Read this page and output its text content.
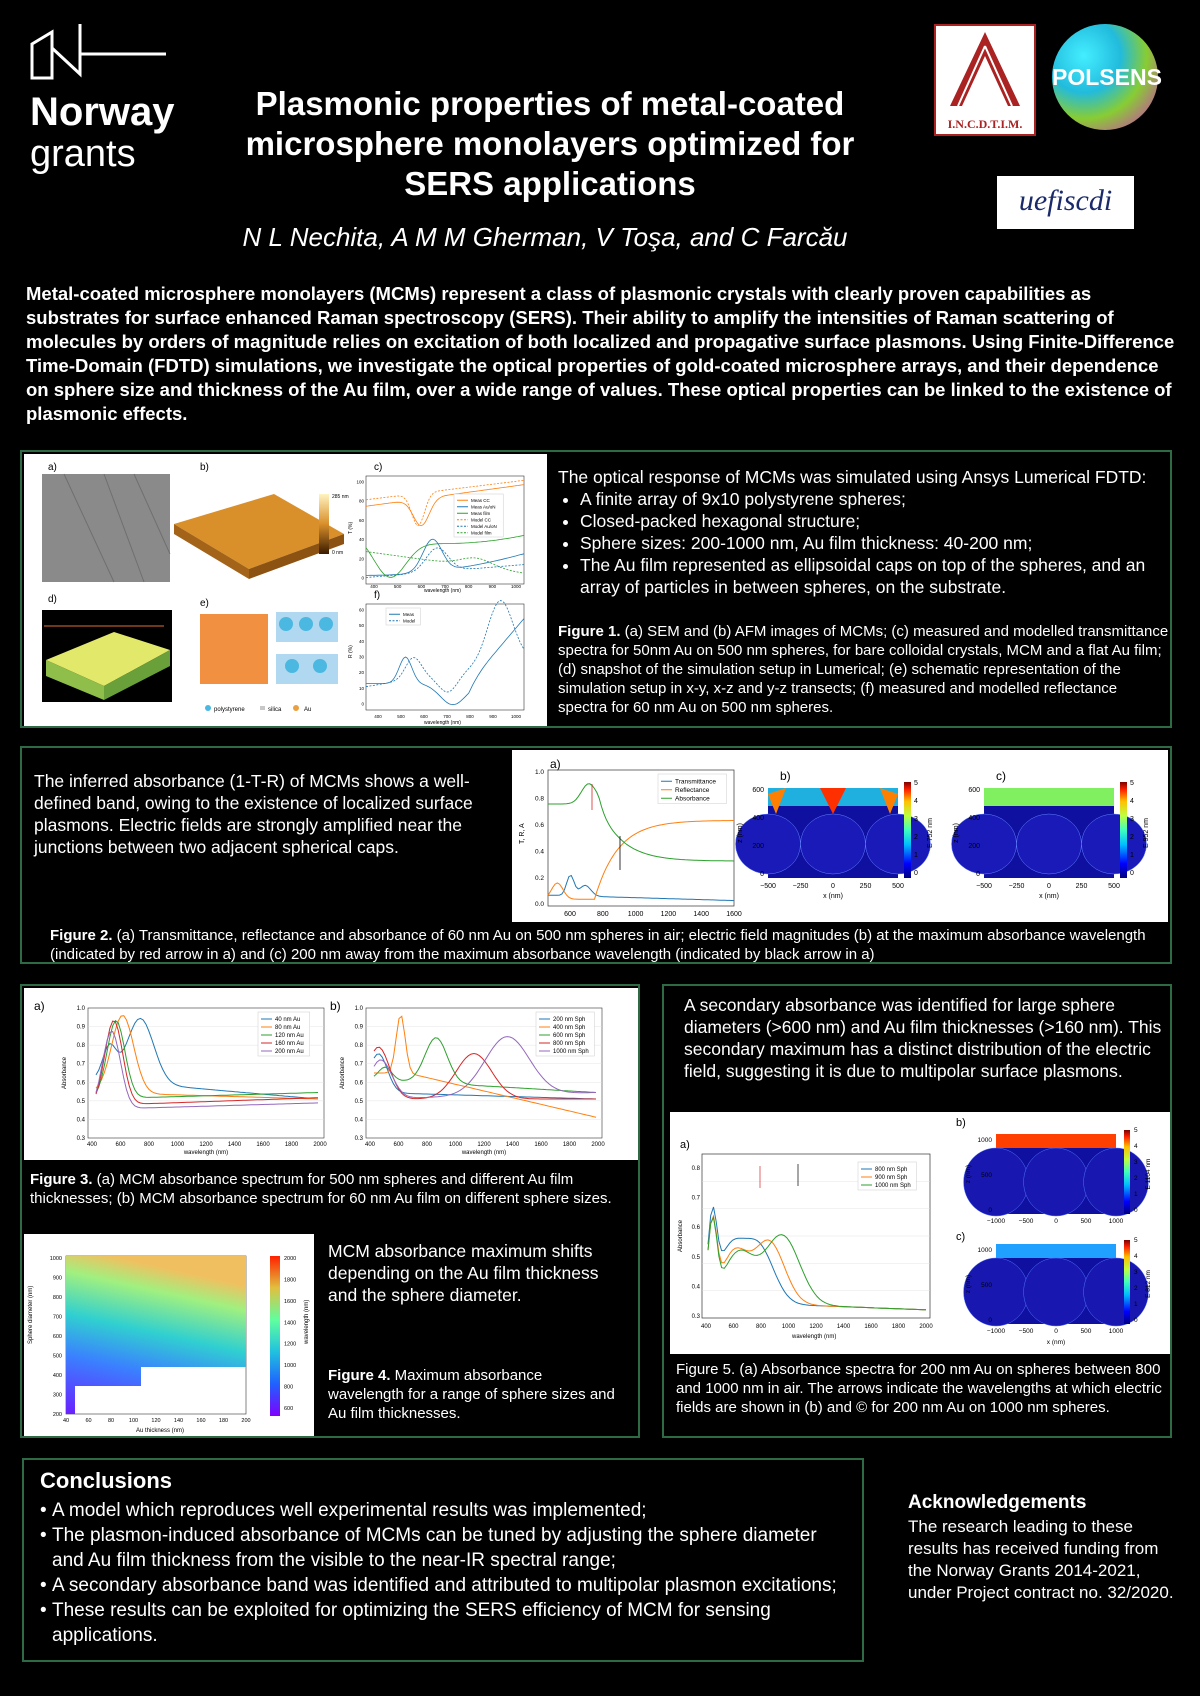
Norway
grants
Plasmonic properties of metal-coated microsphere monolayers optimized for SERS applications
N L Nechita, A M M Gherman, V Toşa, and C Farcău
I.N.C.D.T.I.M.
POLSENS
uefiscdi
Metal-coated microsphere monolayers (MCMs) represent a class of plasmonic crystals with clearly proven capabilities as substrates for surface enhanced Raman spectroscopy (SERS). Their ability to amplify the intensities of Raman scattering of molecules by orders of magnitude relies on excitation of both localized and propagative surface plasmons. Using Finite-Difference Time-Domain (FDTD) simulations, we investigate the optical properties of gold-coated microsphere arrays, and their dependence on sphere size and thickness of the Au film, over a wide range of values. These optical properties can be linked to the existence of plasmonic effects.
a)	b)	c)
d)	e)
f)
285 nm
0 nm
polystyrene	silica	Au
T (%)
wavelength (nm)
400	500	600	700	800	900	1000
100
80
60
40
20
0
Meas CC
Meas Au/oN
Meas film
Model CC
Model Au/oN
Model film
R (%)
wavelength (nm)
400	500	600	700	800	900	1000
60
50
40
30
20
10
0
Meas
Model
The optical response of MCMs was simulated using Ansys Lumerical FDTD:
• A finite array of 9x10 polystyrene spheres;
• Closed-packed hexagonal structure;
• Sphere sizes: 200-1000 nm, Au film thickness: 40-200 nm;
• The Au film represented as ellipsoidal caps on top of the spheres, and an array of particles in between spheres, on the substrate.
Figure 1. (a) SEM and (b) AFM images of MCMs; (c) measured and modelled transmittance spectra for 50nm Au on 500 nm spheres, for bare colloidal crystals, MCM and a flat Au film; (d) snapshot of the simulation setup in Lumerical; (e) schematic representation of the simulation setup in x-y, x-z and y-z transects; (f) measured and modelled reflectance spectra for 60 nm Au on 500 nm spheres.
The inferred absorbance (1-T-R) of MCMs shows a well-defined band, owing to the existence of localized surface plasmons. Electric fields are strongly amplified near the junctions between two adjacent spherical caps.
a)
b)	c)
T, R, A
600	800	1000 1200 1400 1600
1.0
0.8
0.6
0.4
0.2
0.0
Transmittance
Reflectance
Absorbance
600
400
200
0
−500 −250	0	250	500
z (nm)
x (nm)
5
4
3
2
1
0
E 752 nm
600
400
200
0
−500 −250	0	250	500
z (nm)
x (nm)
5
4
3
2
1
0
E 952 nm
Figure 2. (a) Transmittance, reflectance and absorbance of 60 nm Au on 500 nm spheres in air; electric field magnitudes (b) at the maximum absorbance wavelength (indicated by red arrow in a) and (c) 200 nm away from the maximum absorbance wavelength (indicated by black arrow in a)
a)	b)
1.0
0.9
0.8
0.7
0.6
0.5
0.4
0.3
400	600	800	1000	1200	1400	1600	1800	2000
Absorbance
wavelength (nm)
40 nm Au
80 nm Au
120 nm Au
160 nm Au
200 nm Au
1.0
0.9
0.8
0.7
0.6
0.5
0.4
0.3
400	600	800	1000	1200	1400	1600	1800	2000
Absorbance
wavelength (nm)
200 nm Sph
400 nm Sph
600 nm Sph
800 nm Sph
1000 nm Sph
Figure 3. (a) MCM absorbance spectrum for 500 nm spheres and different Au film thicknesses; (b) MCM absorbance spectrum for 60 nm Au film on different sphere sizes.
Sphere diameter (nm)
Au thickness (nm)
wavelength (nm)
1000
900
800
700
600
500
400
300
200
40	60	80	100 120 140 160 180 200
2000
1800
1600
1400
1200
1000
800
600
MCM absorbance maximum shifts depending on the Au film thickness and the sphere diameter.
Figure 4. Maximum absorbance wavelength for a range of sphere sizes and Au film thicknesses.
A secondary absorbance was identified for large sphere diameters (>600 nm) and Au film thicknesses (>160 nm). This secondary maximum has a distinct distribution of the electric field, suggesting it is due to multipolar surface plasmons.
a)
b)
c)
Absorbance
wavelength (nm)
0.8
0.7
0.6
0.5
0.4
0.3
400	600	800	1000 1200 1400 1600 1800 2000
800 nm Sph
900 nm Sph
1000 nm Sph
1000
500
0
−1000 −500	0	500	1000
z (nm)
5
4
3
2
1
0
E 1104 nm
1000
500
0
−1000 −500	0	500	1000
z (nm)
5
4
3
2
1
0
E 812 nm
x (nm)
Figure 5. (a) Absorbance spectra for 200 nm Au on spheres between 800 and 1000 nm in air. The arrows indicate the wavelengths at which electric fields are shown in (b) and © for 200 nm Au on 1000 nm spheres.
Conclusions
• A model which reproduces well experimental results was implemented;
• The plasmon-induced absorbance of MCMs can be tuned by adjusting the sphere diameter and Au film thickness from the visible to the near-IR spectral range;
• A secondary absorbance band was identified and attributed to multipolar plasmon excitations;
• These results can be exploited for optimizing the SERS efficiency of MCM for sensing applications.
Acknowledgements
The research leading to these results has received funding from the Norway Grants 2014-2021, under Project contract no. 32/2020.
